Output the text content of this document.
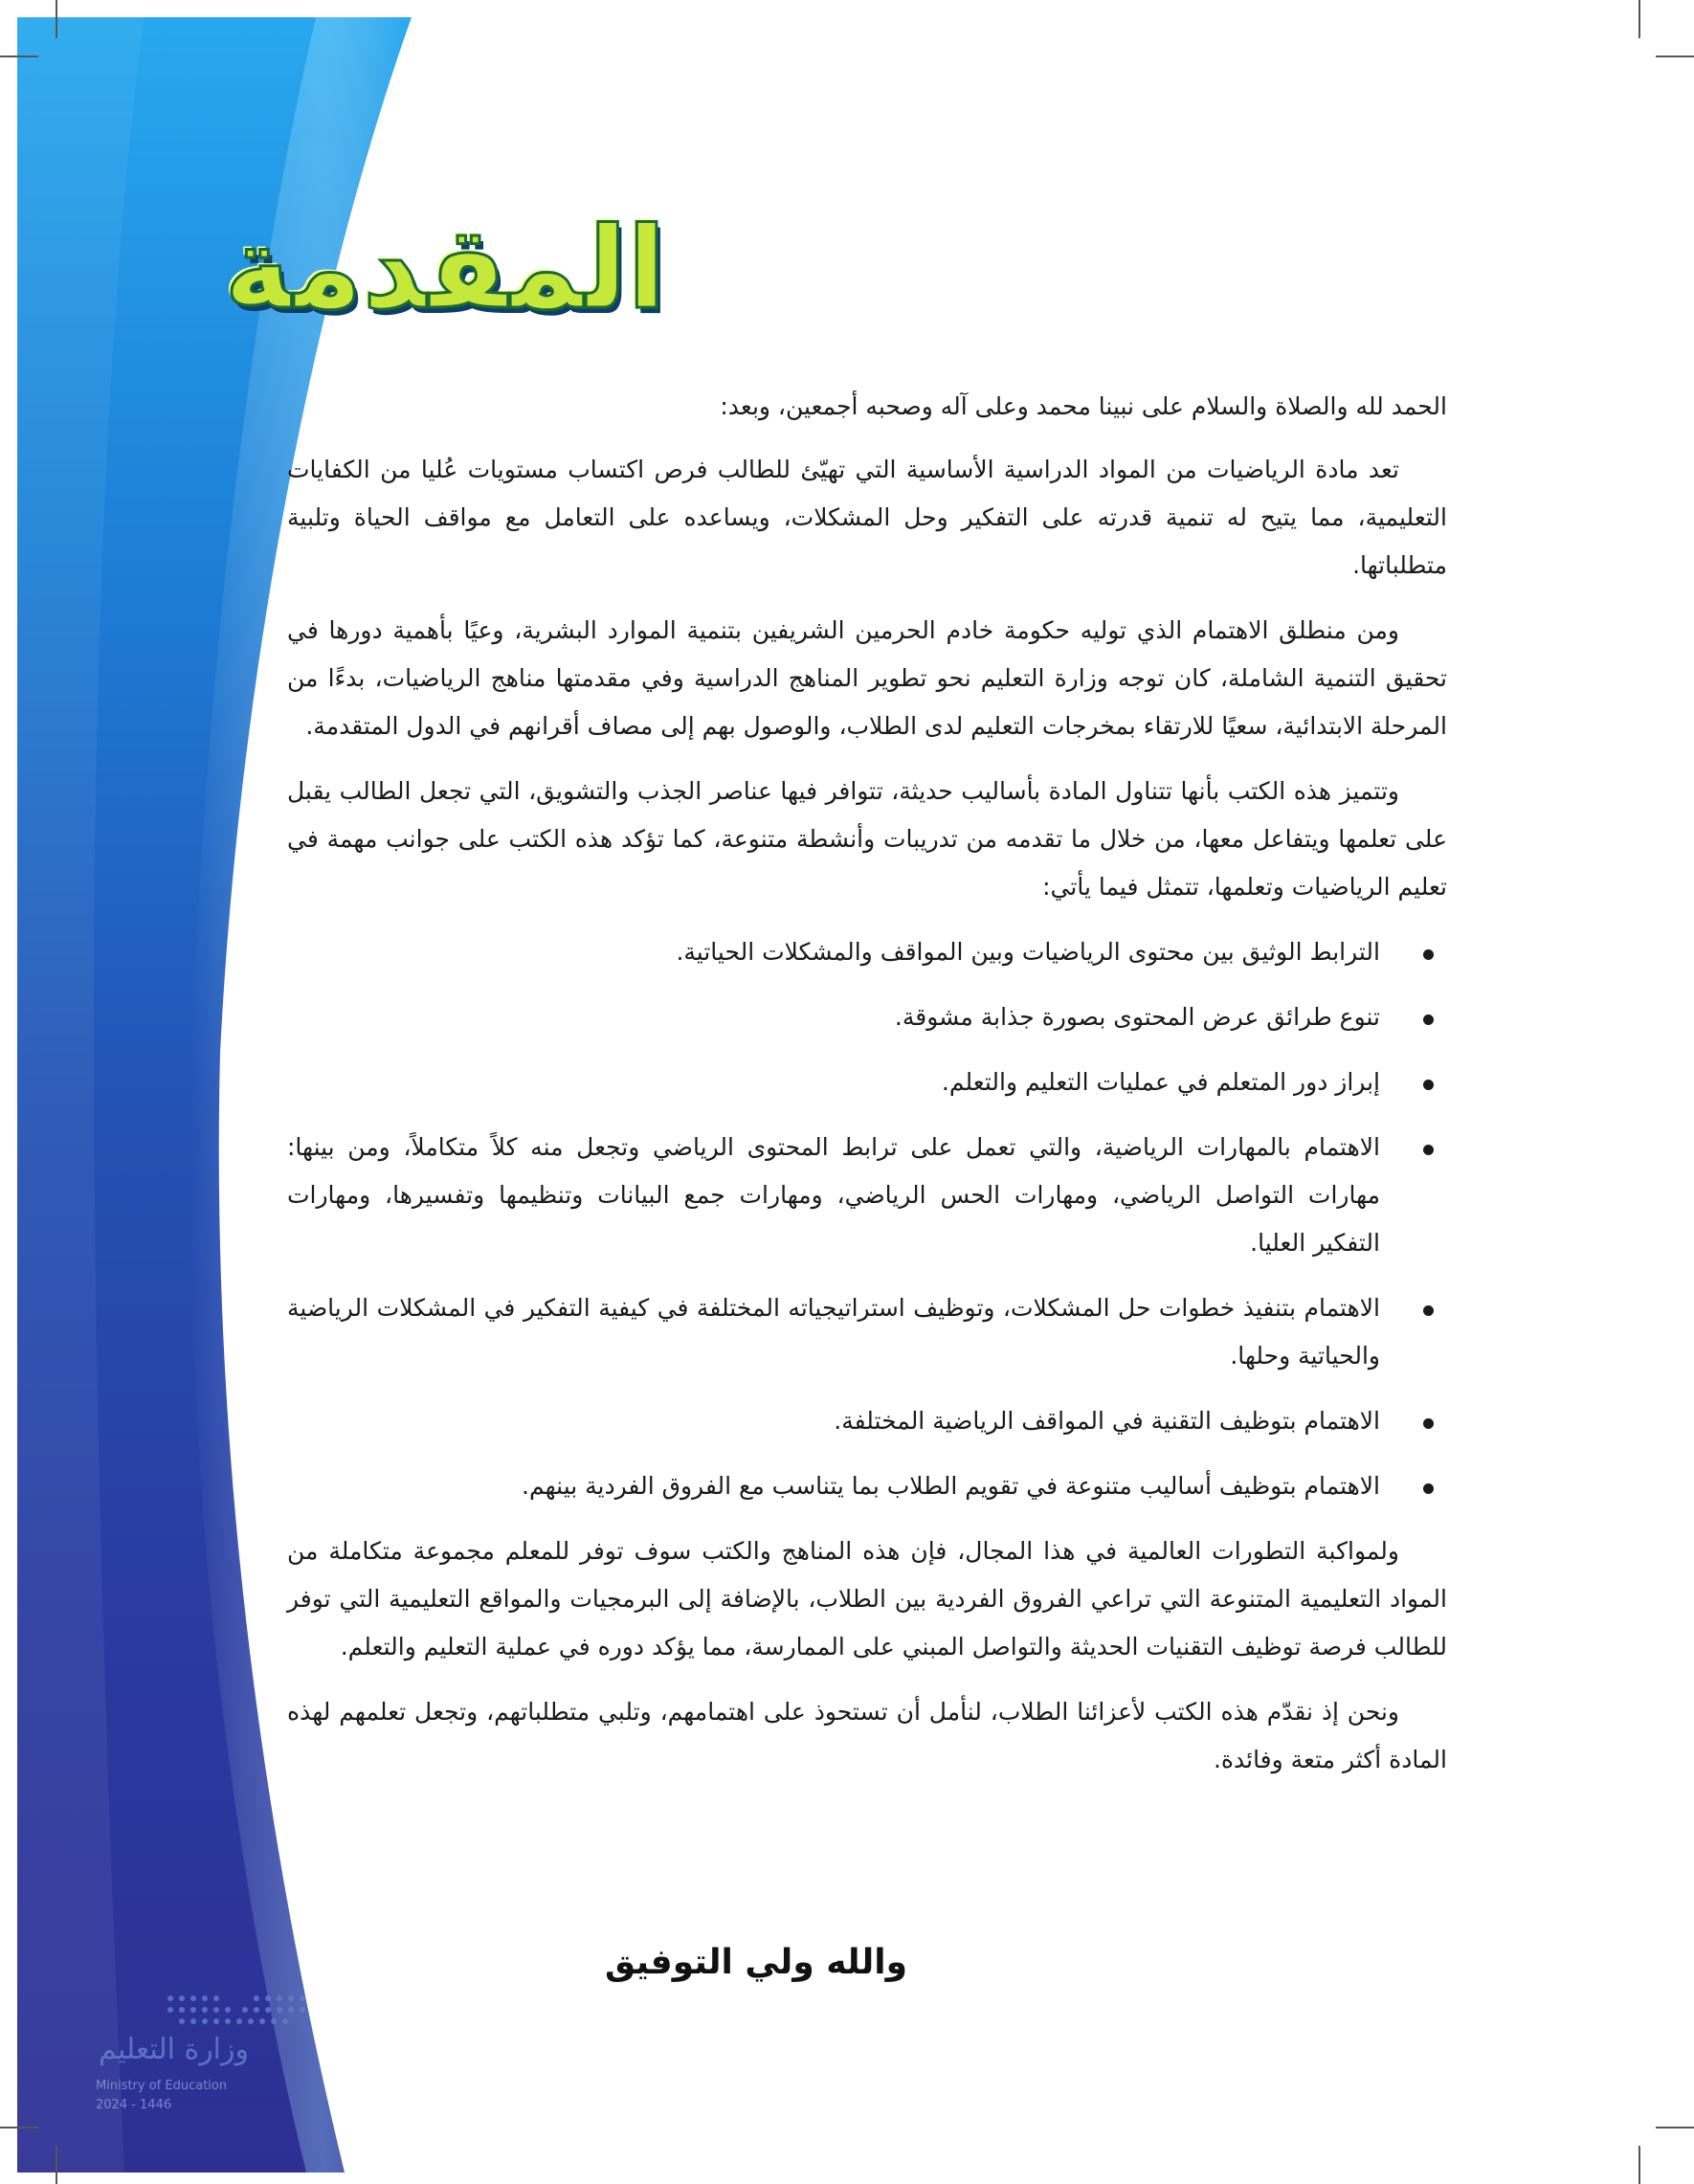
المقدمة

الحمد لله والصلاة والسلام على نبينا محمد وعلى آله وصحبه أجمعين، وبعد:

تعد مادة الرياضيات من المواد الدراسية الأساسية التي تهيّئ للطالب فرص اكتساب مستويات عُليا من الكفايات التعليمية، مما يتيح له تنمية قدرته على التفكير وحل المشكلات، ويساعده على التعامل مع مواقف الحياة وتلبية متطلباتها.

ومن منطلق الاهتمام الذي توليه حكومة خادم الحرمين الشريفين بتنمية الموارد البشرية، وعيًا بأهمية دورها في تحقيق التنمية الشاملة، كان توجه وزارة التعليم نحو تطوير المناهج الدراسية وفي مقدمتها مناهج الرياضيات، بدءًا من المرحلة الابتدائية، سعيًا للارتقاء بمخرجات التعليم لدى الطلاب، والوصول بهم إلى مصاف أقرانهم في الدول المتقدمة.

وتتميز هذه الكتب بأنها تتناول المادة بأساليب حديثة، تتوافر فيها عناصر الجذب والتشويق، التي تجعل الطالب يقبل على تعلمها ويتفاعل معها، من خلال ما تقدمه من تدريبات وأنشطة متنوعة، كما تؤكد هذه الكتب على جوانب مهمة في تعليم الرياضيات وتعلمها، تتمثل فيما يأتي:

الترابط الوثيق بين محتوى الرياضيات وبين المواقف والمشكلات الحياتية.
تنوع طرائق عرض المحتوى بصورة جذابة مشوقة.
إبراز دور المتعلم في عمليات التعليم والتعلم.
الاهتمام بالمهارات الرياضية، والتي تعمل على ترابط المحتوى الرياضي وتجعل منه كلاً متكاملاً، ومن بينها: مهارات التواصل الرياضي، ومهارات الحس الرياضي، ومهارات جمع البيانات وتنظيمها وتفسيرها، ومهارات التفكير العليا.
الاهتمام بتنفيذ خطوات حل المشكلات، وتوظيف استراتيجياته المختلفة في كيفية التفكير في المشكلات الرياضية والحياتية وحلها.
الاهتمام بتوظيف التقنية في المواقف الرياضية المختلفة.
الاهتمام بتوظيف أساليب متنوعة في تقويم الطلاب بما يتناسب مع الفروق الفردية بينهم.

ولمواكبة التطورات العالمية في هذا المجال، فإن هذه المناهج والكتب سوف توفر للمعلم مجموعة متكاملة من المواد التعليمية المتنوعة التي تراعي الفروق الفردية بين الطلاب، بالإضافة إلى البرمجيات والمواقع التعليمية التي توفر للطالب فرصة توظيف التقنيات الحديثة والتواصل المبني على الممارسة، مما يؤكد دوره في عملية التعليم والتعلم.

ونحن إذ نقدّم هذه الكتب لأعزائنا الطلاب، لنأمل أن تستحوذ على اهتمامهم، وتلبي متطلباتهم، وتجعل تعلمهم لهذه المادة أكثر متعة وفائدة.

والله ولي التوفيق
وزارة التعليم
Ministry of Education
2024 - 1446
